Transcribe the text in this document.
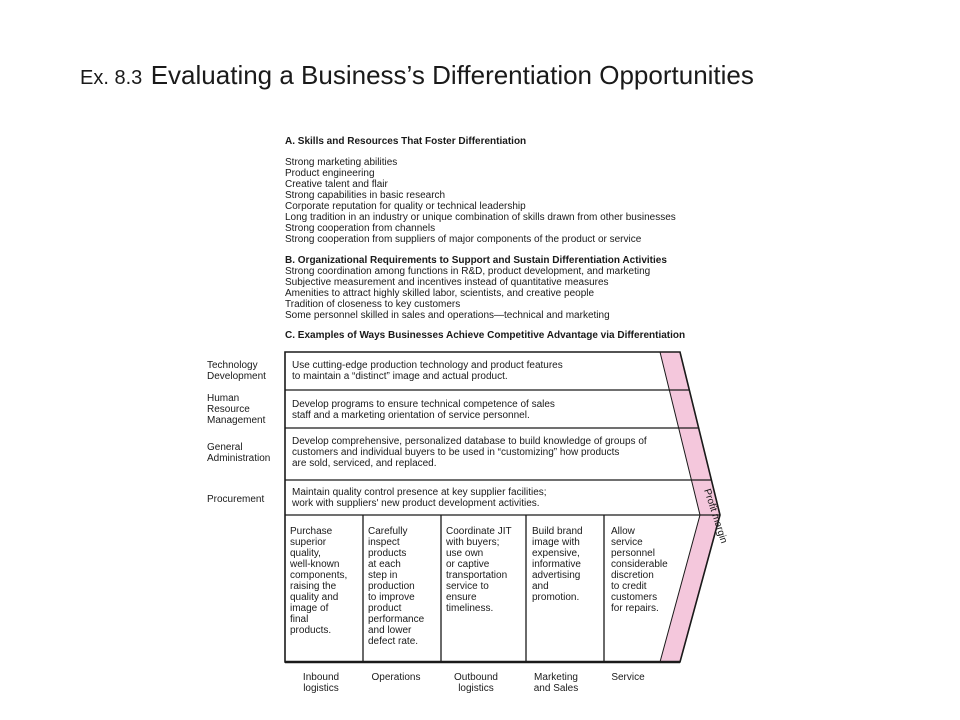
Ex. 8.3 Evaluating a Business’s Differentiation Opportunities
A. Skills and Resources That Foster Differentiation
Strong marketing abilities
Product engineering
Creative talent and flair
Strong capabilities in basic research
Corporate reputation for quality or technical leadership
Long tradition in an industry or unique combination of skills drawn from other businesses
Strong cooperation from channels
Strong cooperation from suppliers of major components of the product or service
B. Organizational Requirements to Support and Sustain Differentiation Activities
Strong coordination among functions in R&D, product development, and marketing
Subjective measurement and incentives instead of quantitative measures
Amenities to attract highly skilled labor, scientists, and creative people
Tradition of closeness to key customers
Some personnel skilled in sales and operations—technical and marketing
C. Examples of Ways Businesses Achieve Competitive Advantage via Differentiation
Profit margin
Technology Development
Use cutting-edge production technology and product features to maintain a “distinct” image and actual product.
Human Resource Management
Develop programs to ensure technical competence of sales staff and a marketing orientation of service personnel.
General Administration
Develop comprehensive, personalized database to build knowledge of groups of customers and individual buyers to be used in “customizing” how products are sold, serviced, and replaced.
Procurement
Maintain quality control presence at key supplier facilities; work with suppliers' new product development activities.
Purchase superior quality, well-known components, raising the quality and image of final products.
Inbound logistics
Carefully inspect products at each step in production to improve product performance and lower defect rate.
Operations
Coordinate JIT with buyers; use own or captive transportation service to ensure timeliness.
Outbound logistics
Build brand image with expensive, informative advertising and promotion.
Marketing and Sales
Allow service personnel considerable discretion to credit customers for repairs.
Service
